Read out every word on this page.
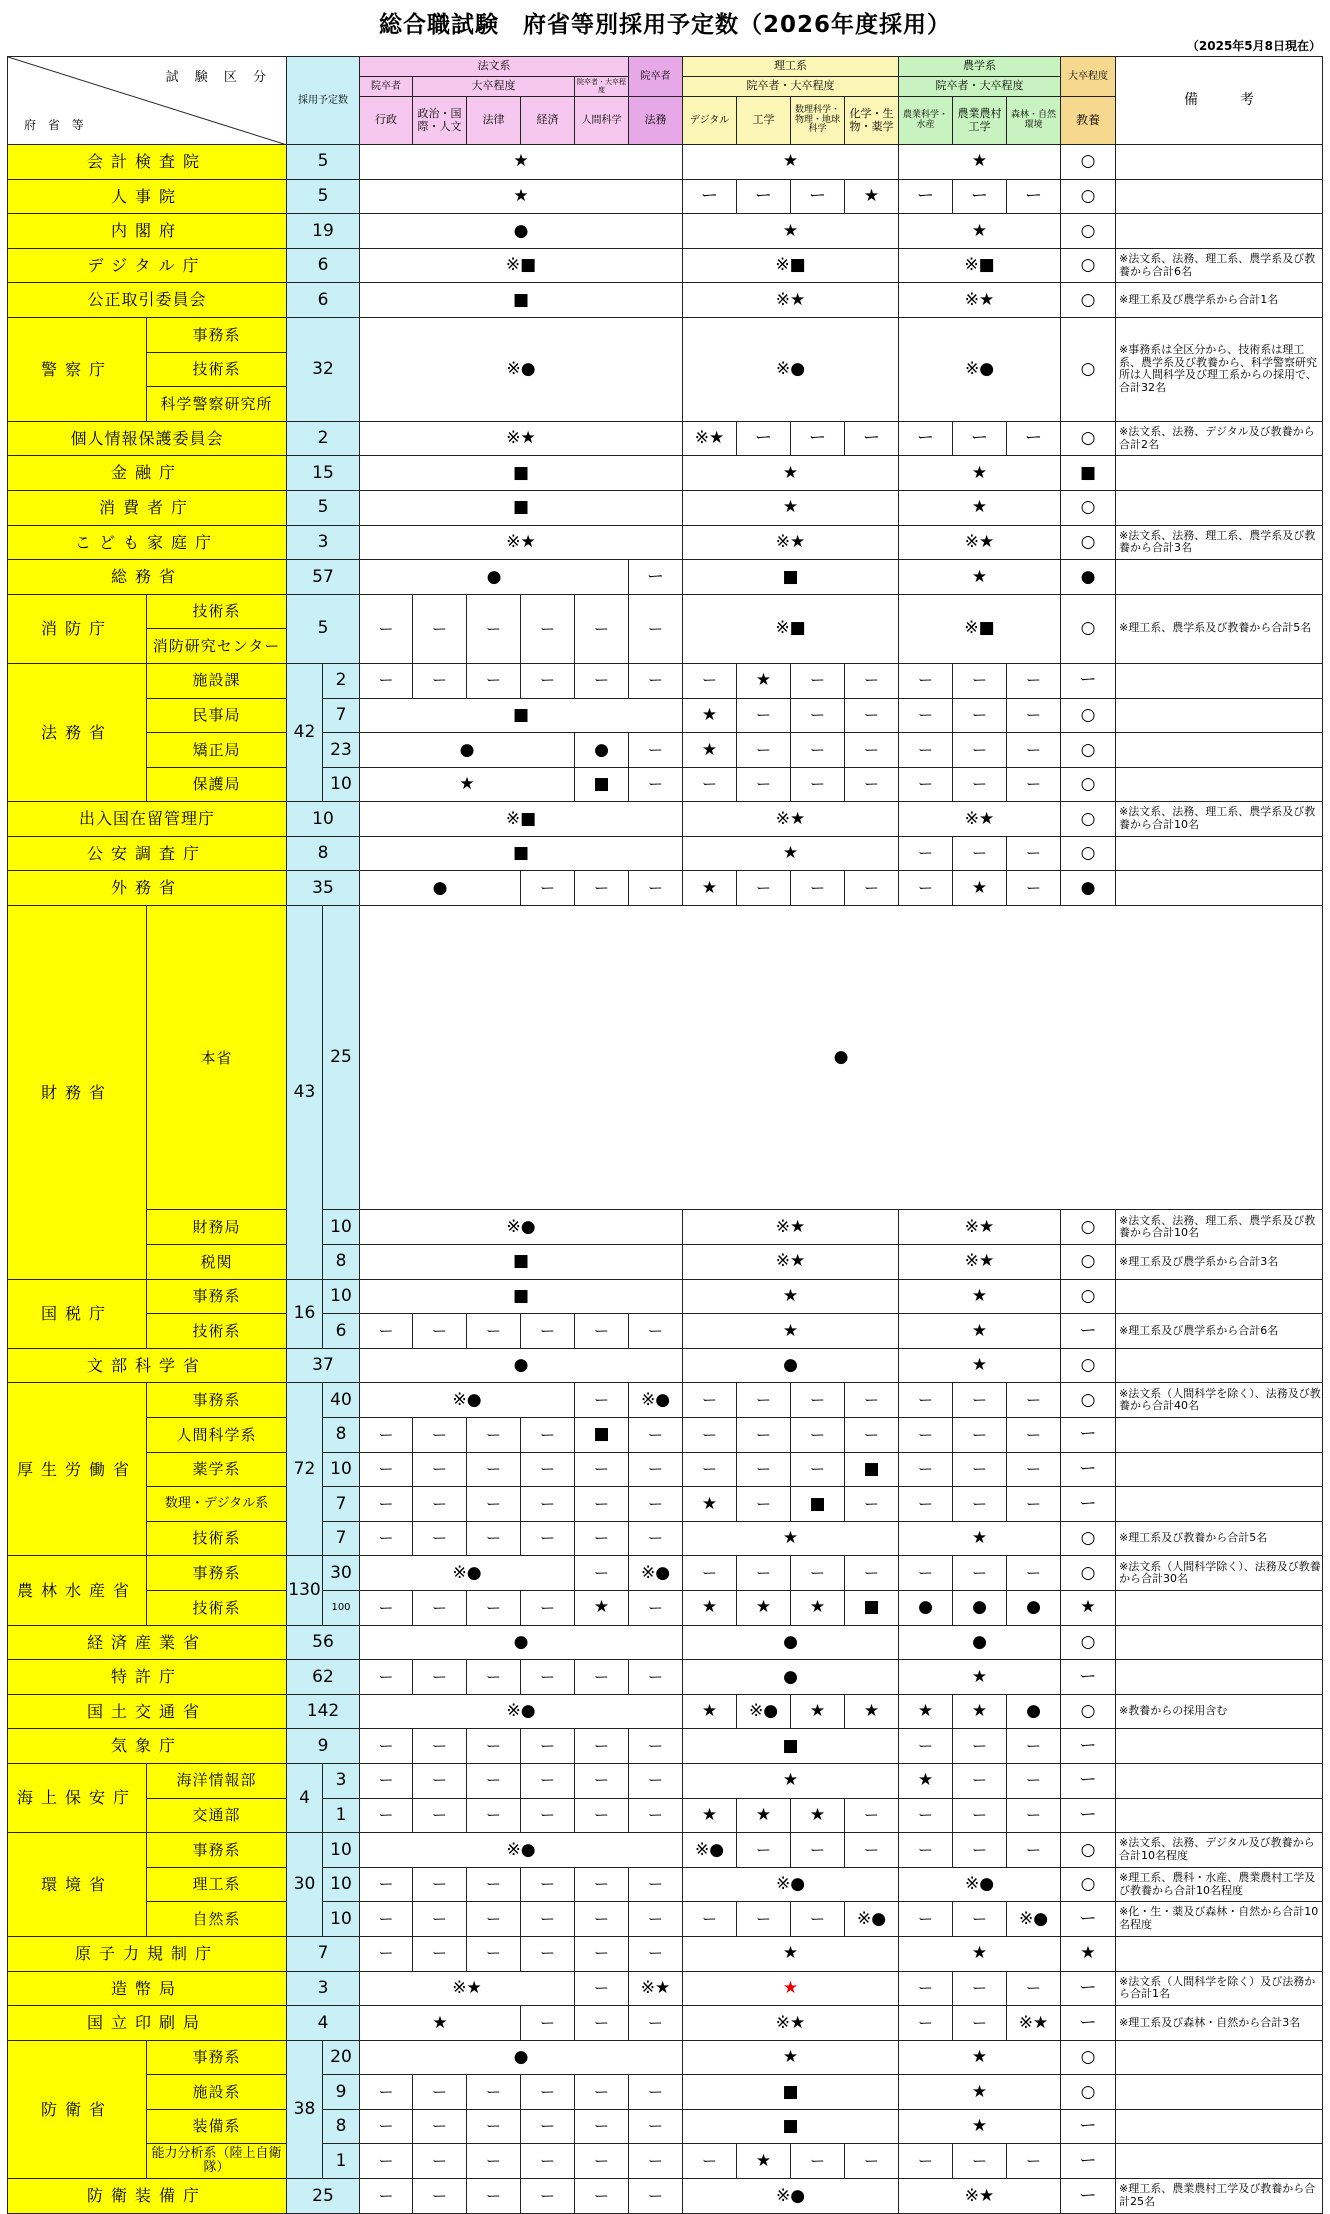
総合職試験　府省等別採用予定数（2026年度採用）
（2025年5月8日現在）
試 験 区 分
府 省 等		採用予定数		法文系					院卒者	理工系				農学系			大卒程度	備　　　考	
				院卒者	大卒程度			院卒者・大卒程度		院卒者・大卒程度				院卒者・大卒程度					
				行政	政治・国際・人文	法律	経済	人間科学	法務	デジタル	工学	数理科学・物理・地球科学	化学・生物・薬学	農業科学・水産	農業農村工学	森林・自然環境	教養		
会計検査院		5		★						★				★			○		
人事院		5		★						ー	ー	ー	★	ー	ー	ー	○		
内閣府		19		●						★				★			○		
デジタル庁		6		※■						※■				※■			○	※法文系、法務、理工系、農学系及び教養から合計6名	
公正取引委員会		6		■						※★				※★			○	※理工系及び農学系から合計1名	
警察庁	事務系	32		※●						※●				※●			○	※事務系は全区分から、技術系は理工系、農学系及び教養から、科学警察研究所は人間科学及び理工系からの採用で、合計32名	
	技術系																		
	科学警察研究所																		
個人情報保護委員会		2		※★						※★	ー	ー	ー	ー	ー	ー	○	※法文系、法務、デジタル及び教養から合計2名	
金融庁		15		■						★				★			■		
消費者庁		5		■						★				★			○		
こども家庭庁		3		※★						※★				※★			○	※法文系、法務、理工系、農学系及び教養から合計3名	
総務省		57		●					ー	■				★			●		
消防庁	技術系	5		ー	ー	ー	ー	ー	ー	※■				※■			○	※理工系、農学系及び教養から合計5名	
	消防研究センター																		
法務省	施設課	42	2	ー	ー	ー	ー	ー	ー	ー	★	ー	ー	ー	ー	ー	ー		
	民事局		7	■						★	ー	ー	ー	ー	ー	ー	○		
	矯正局		23	●				●	ー	★	ー	ー	ー	ー	ー	ー	○		
	保護局		10	★				■	ー	ー	ー	ー	ー	ー	ー	ー	○		
出入国在留管理庁		10		※■						※★				※★			○	※法文系、法務、理工系、農学系及び教養から合計10名	
公安調査庁		8		■						★				ー	ー	ー	○		
外務省		35		●			ー	ー	ー	★	ー	ー	ー	ー	★	ー	●		
財務省	本省	43	25	●	
	財務局		10	※●						※★				※★			○	※法文系、法務、理工系、農学系及び教養から合計10名	
	税関		8	■						※★				※★			○	※理工系及び農学系から合計3名	
国税庁	事務系	16	10	■						★				★			○		
	技術系		6	ー	ー	ー	ー	ー	ー	★				★			ー	※理工系及び農学系から合計6名	
文部科学省		37		●						●				★			○		
厚生労働省	事務系	72	40	※●				ー	※●	ー	ー	ー	ー	ー	ー	ー	○	※法文系（人間科学を除く）、法務及び教養から合計40名	
	人間科学系		8	ー	ー	ー	ー	■	ー	ー	ー	ー	ー	ー	ー	ー	ー		
	薬学系		10	ー	ー	ー	ー	ー	ー	ー	ー	ー	■	ー	ー	ー	ー		
	数理・デジタル系		7	ー	ー	ー	ー	ー	ー	★	ー	■	ー	ー	ー	ー	ー		
	技術系		7	ー	ー	ー	ー	ー	ー	★				★			○	※理工系及び教養から合計5名	
農林水産省	事務系	130	30	※●				ー	※●	ー	ー	ー	ー	ー	ー	ー	○	※法文系（人間科学除く）、法務及び教養から合計30名	
	技術系		100	ー	ー	ー	ー	★	ー	★	★	★	■	●	●	●	★		
経済産業省		56		●						●				●			○		
特許庁		62		ー	ー	ー	ー	ー	ー	●				★			ー		
国土交通省		142		※●						★	※●	★	★	★	★	●	○	※教養からの採用含む	
気象庁		9		ー	ー	ー	ー	ー	ー	■				ー	ー	ー	ー		
海上保安庁	海洋情報部	4	3	ー	ー	ー	ー	ー	ー	★				★	ー	ー	ー		
	交通部		1	ー	ー	ー	ー	ー	ー	★	★	★	ー	ー	ー	ー	ー		
環境省	事務系	30	10	※●						※●	ー	ー	ー	ー	ー	ー	○	※法文系、法務、デジタル及び教養から合計10名程度	
	理工系		10	ー	ー	ー	ー	ー	ー	※●				※●			○	※理工系、農科・水産、農業農村工学及び教養から合計10名程度	
	自然系		10	ー	ー	ー	ー	ー	ー	ー	ー	ー	※●	ー	ー	※●	ー	※化・生・薬及び森林・自然から合計10名程度	
原子力規制庁		7		ー	ー	ー	ー	ー	ー	★				★			★		
造幣局		3		※★				ー	※★	★				ー	ー	ー	ー	※法文系（人間科学を除く）及び法務から合計1名	
国立印刷局		4		★			ー	ー	ー	※★				ー	ー	※★	ー	※理工系及び森林・自然から合計3名	
防衛省	事務系	38	20	●						★				★			○		
	施設系		9	ー	ー	ー	ー	ー	ー	■				★			○		
	装備系		8	ー	ー	ー	ー	ー	ー	■				★			ー		
	能力分析系（陸上自衛隊）		1	ー	ー	ー	ー	ー	ー	ー	★	ー	ー	ー	ー	ー	ー		
防衛装備庁		25		ー	ー	ー	ー	ー	ー	※●				※★			ー	※理工系、農業農村工学及び教養から合計25名	
